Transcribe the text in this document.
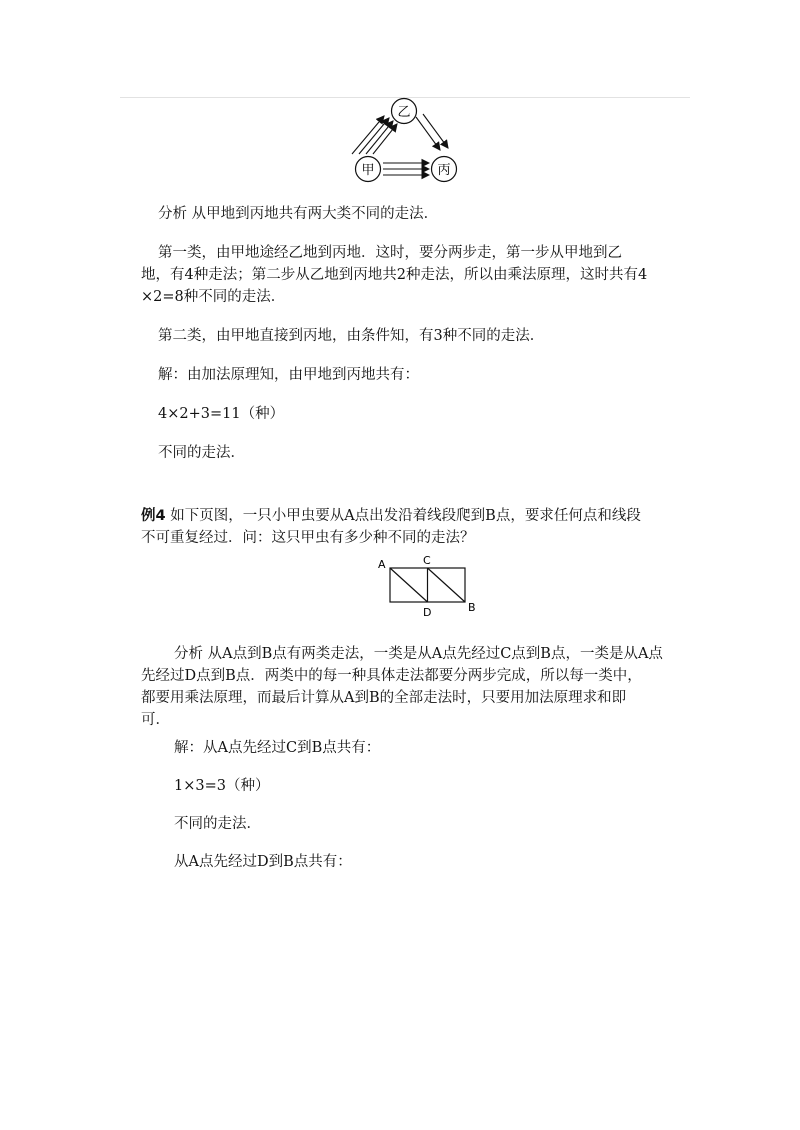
乙
甲	丙

分析 从甲地到丙地共有两大类不同的走法．

第一类，由甲地途经乙地到丙地．这时，要分两步走，第一步从甲地到乙

地，有4种走法；第二步从乙地到丙地共2种走法，所以由乘法原理，这时共有4

×2=8种不同的走法．

第二类，由甲地直接到丙地，由条件知，有3种不同的走法．

解：由加法原理知，由甲地到丙地共有：

4×2+3=11（种）

不同的走法．

例4 如下页图，一只小甲虫要从A点出发沿着线段爬到B点，要求任何点和线段

不可重复经过．问：这只甲虫有多少种不同的走法？

A	C
D	B

分析 从A点到B点有两类走法，一类是从A点先经过C点到B点，一类是从A点

先经过D点到B点．两类中的每一种具体走法都要分两步完成，所以每一类中，

都要用乘法原理，而最后计算从A到B的全部走法时，只要用加法原理求和即

可．

解：从A点先经过C到B点共有：

1×3=3（种）

不同的走法．

从A点先经过D到B点共有：
